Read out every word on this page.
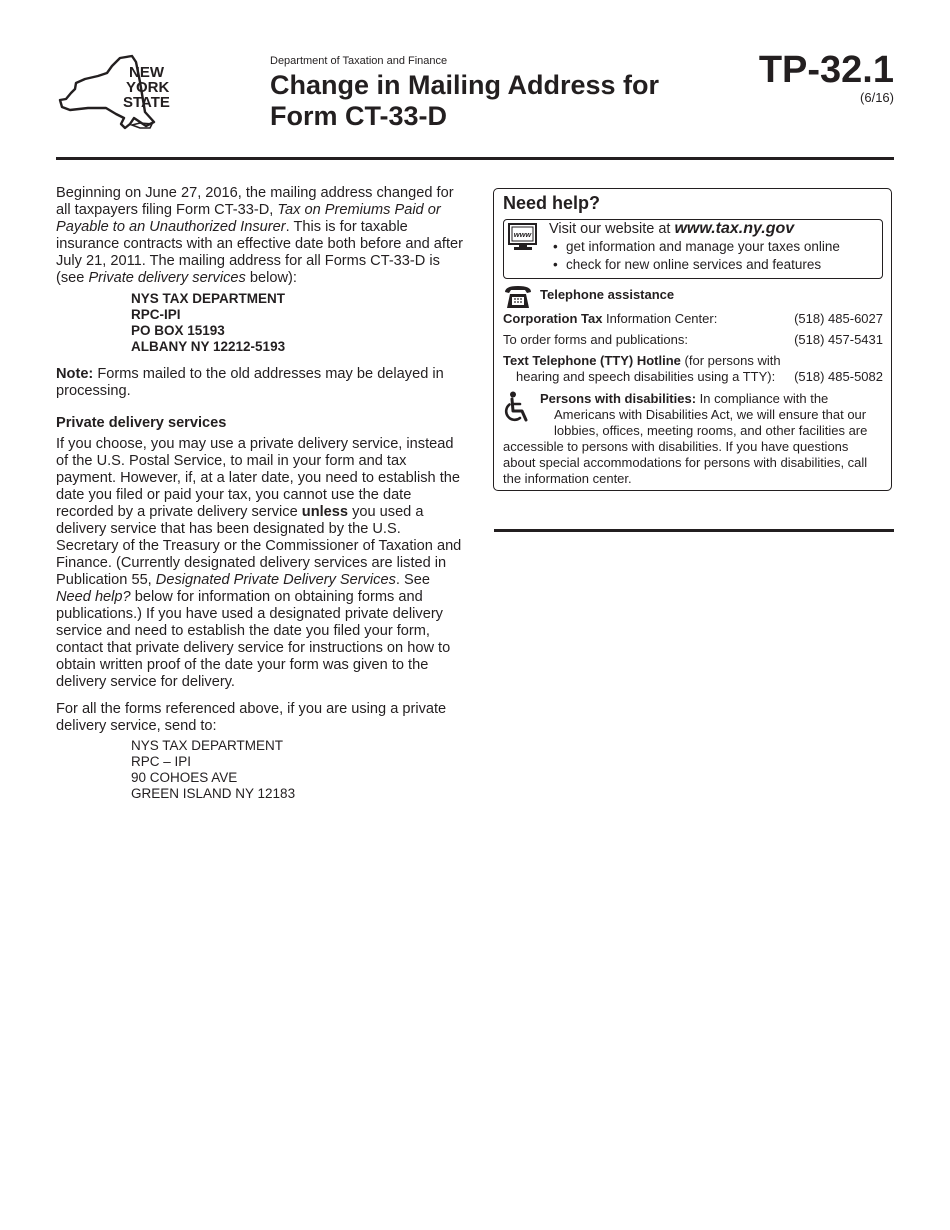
NEW
YORK
STATE
Department of Taxation and Finance
Change in Mailing Address for
Form CT-33-D
TP-32.1
(6/16)

Beginning on June 27, 2016, the mailing address changed for all taxpayers filing Form CT-33-D, Tax on Premiums Paid or Payable to an Unauthorized Insurer. This is for taxable insurance contracts with an effective date both before and after July 21, 2011. The mailing address for all Forms CT-33-D is (see Private delivery services below):

NYS TAX DEPARTMENT
RPC-IPI
PO BOX 15193
ALBANY NY 12212-5193

Note: Forms mailed to the old addresses may be delayed in processing.

Private delivery services

If you choose, you may use a private delivery service, instead of the U.S. Postal Service, to mail in your form and tax payment. However, if, at a later date, you need to establish the date you filed or paid your tax, you cannot use the date recorded by a private delivery service unless you used a delivery service that has been designated by the U.S. Secretary of the Treasury or the Commissioner of Taxation and Finance. (Currently designated delivery services are listed in Publication 55, Designated Private Delivery Services. See Need help? below for information on obtaining forms and publications.) If you have used a designated private delivery service and need to establish the date you filed your form, contact that private delivery service for instructions on how to obtain written proof of the date your form was given to the delivery service for delivery.

For all the forms referenced above, if you are using a private delivery service, send to:

NYS TAX DEPARTMENT
RPC – IPI
90 COHOES AVE
GREEN ISLAND NY 12183
Need help?
www Visit our website at www.tax.ny.gov
• get information and manage your taxes online
• check for new online services and features
Telephone assistance
Corporation Tax Information Center:	(518) 485-6027
To order forms and publications:	(518) 457-5431
Text Telephone (TTY) Hotline (for persons with
hearing and speech disabilities using a TTY):	(518) 485-5082
Persons with disabilities: In compliance with the
Americans with Disabilities Act, we will ensure that our
lobbies, offices, meeting rooms, and other facilities are
accessible to persons with disabilities. If you have questions
about special accommodations for persons with disabilities, call
the information center.
